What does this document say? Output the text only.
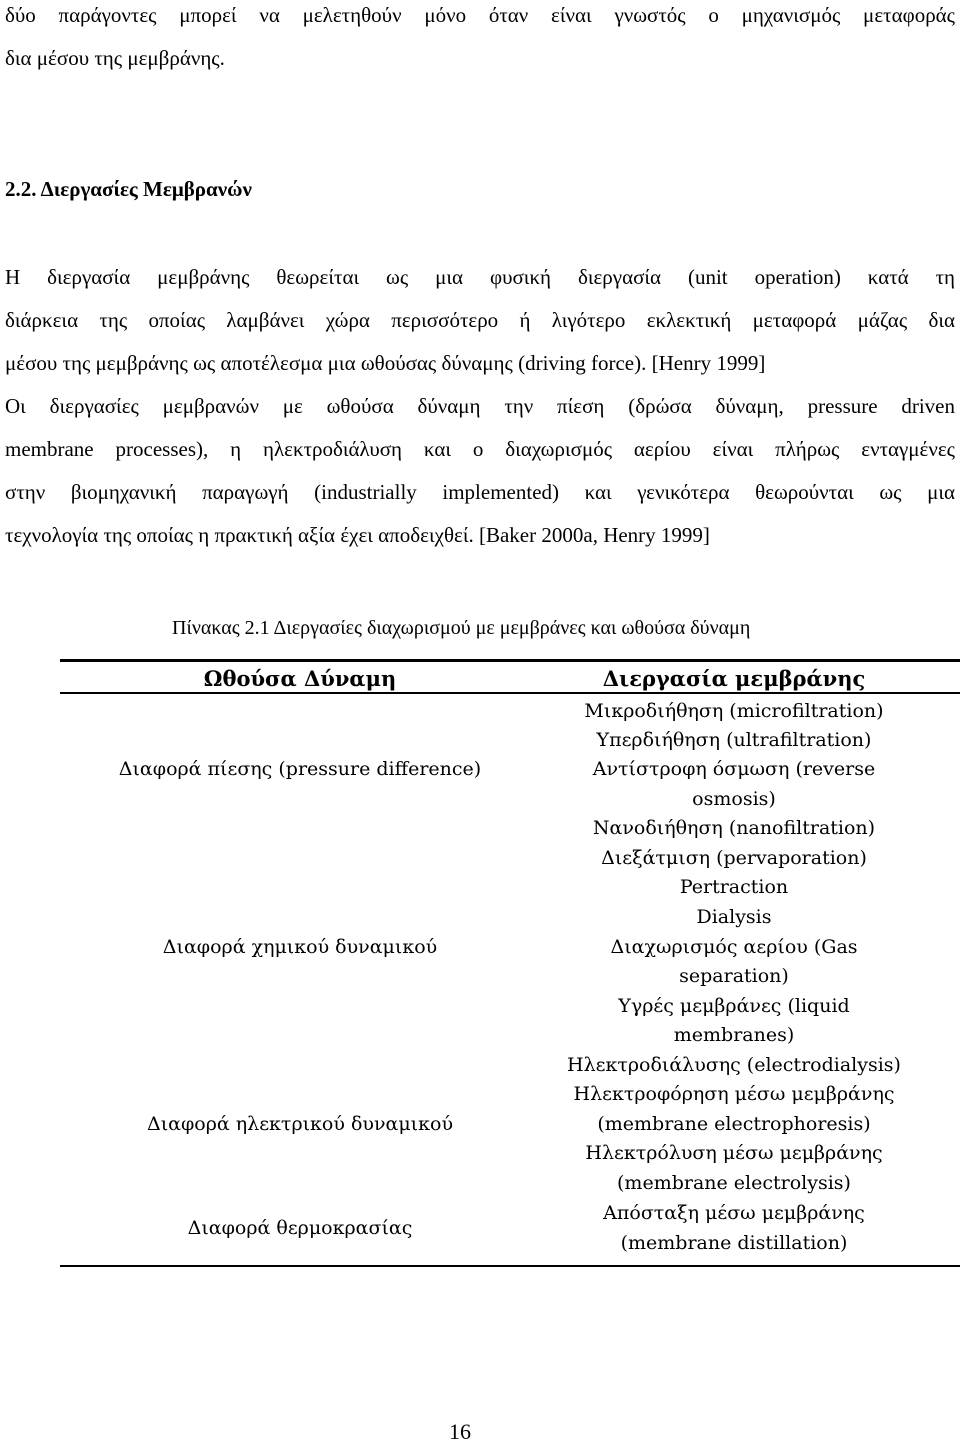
δύο παράγοντες μπορεί να μελετηθούν μόνο όταν είναι γνωστός ο μηχανισμός μεταφοράς
δια μέσου της μεμβράνης.
2.2. Διεργασίες Μεμβρανών
Η διεργασία μεμβράνης θεωρείται ως μια φυσική διεργασία (unit operation) κατά τη
διάρκεια της οποίας λαμβάνει χώρα περισσότερο ή λιγότερο εκλεκτική μεταφορά μάζας δια
μέσου της μεμβράνης ως αποτέλεσμα μια ωθούσας δύναμης (driving force). [Henry 1999]
Οι διεργασίες μεμβρανών με ωθούσα δύναμη την πίεση (δρώσα δύναμη, pressure driven
membrane processes), η ηλεκτροδιάλυση και ο διαχωρισμός αερίου είναι πλήρως ενταγμένες
στην βιομηχανική παραγωγή (industrially implemented) και γενικότερα θεωρούνται ως μια
τεχνολογία της οποίας η πρακτική αξία έχει αποδειχθεί. [Baker 2000a, Henry 1999]
Πίνακας 2.1 Διεργασίες διαχωρισμού με μεμβράνες και ωθούσα δύναμη
Ωθούσα Δύναμη	Διεργασία μεμβράνης
Διαφορά πίεσης (pressure difference)
Διαφορά χημικού δυναμικού
Διαφορά ηλεκτρικού δυναμικού
Διαφορά θερμοκρασίας
Μικροδιήθηση (microfiltration)
Υπερδιήθηση (ultrafiltration)
Αντίστροφη όσμωση (reverse
osmosis)
Νανοδιήθηση (nanofiltration)
Διεξάτμιση (pervaporation)
Pertraction
Dialysis
Διαχωρισμός αερίου (Gas
separation)
Υγρές μεμβράνες (liquid
membranes)
Ηλεκτροδιάλυσης (electrodialysis)
Ηλεκτροφόρηση μέσω μεμβράνης
(membrane electrophoresis)
Ηλεκτρόλυση μέσω μεμβράνης
(membrane electrolysis)
Απόσταξη μέσω μεμβράνης
(membrane distillation)
16
